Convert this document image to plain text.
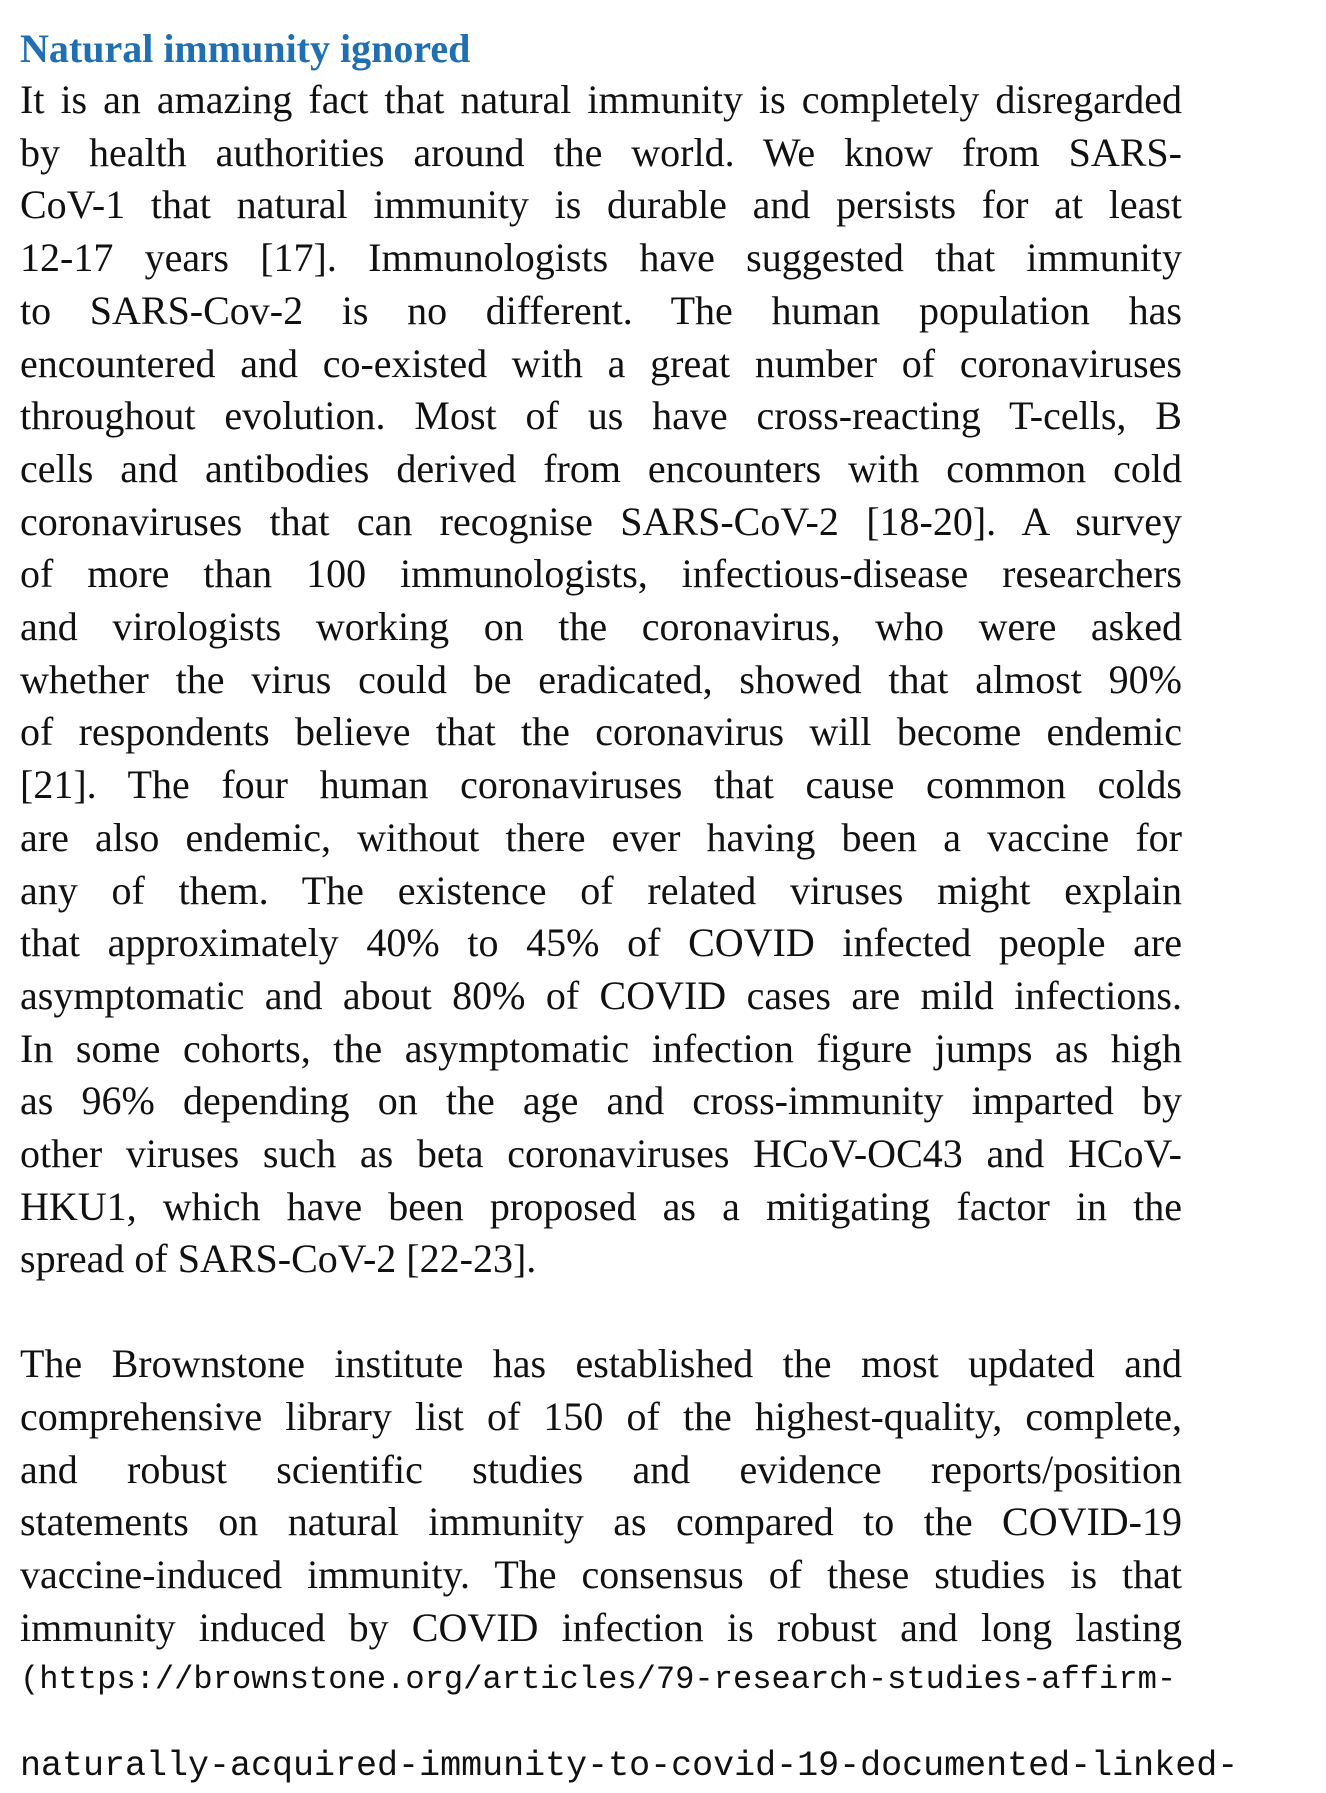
Natural immunity ignored
It is an amazing fact that natural immunity is completely disregarded
by health authorities around the world. We know from SARS-
CoV-1 that natural immunity is durable and persists for at least
12-17 years [17]. Immunologists have suggested that immunity
to SARS-Cov-2 is no different. The human population has
encountered and co-existed with a great number of coronaviruses
throughout evolution. Most of us have cross-reacting T-cells, B
cells and antibodies derived from encounters with common cold
coronaviruses that can recognise SARS-CoV-2 [18-20]. A survey
of more than 100 immunologists, infectious-disease researchers
and virologists working on the coronavirus, who were asked
whether the virus could be eradicated, showed that almost 90%
of respondents believe that the coronavirus will become endemic
[21]. The four human coronaviruses that cause common colds
are also endemic, without there ever having been a vaccine for
any of them. The existence of related viruses might explain
that approximately 40% to 45% of COVID infected people are
asymptomatic and about 80% of COVID cases are mild infections.
In some cohorts, the asymptomatic infection figure jumps as high
as 96% depending on the age and cross-immunity imparted by
other viruses such as beta coronaviruses HCoV-OC43 and HCoV-
HKU1, which have been proposed as a mitigating factor in the
spread of SARS-CoV-2 [22-23].
The Brownstone institute has established the most updated and
comprehensive library list of 150 of the highest-quality, complete,
and robust scientific studies and evidence reports/position
statements on natural immunity as compared to the COVID-19
vaccine-induced immunity. The consensus of these studies is that
immunity induced by COVID infection is robust and long lasting
(https://brownstone.org/articles/79-research-studies-affirm-
naturally-acquired-immunity-to-covid-19-documented-linked-
